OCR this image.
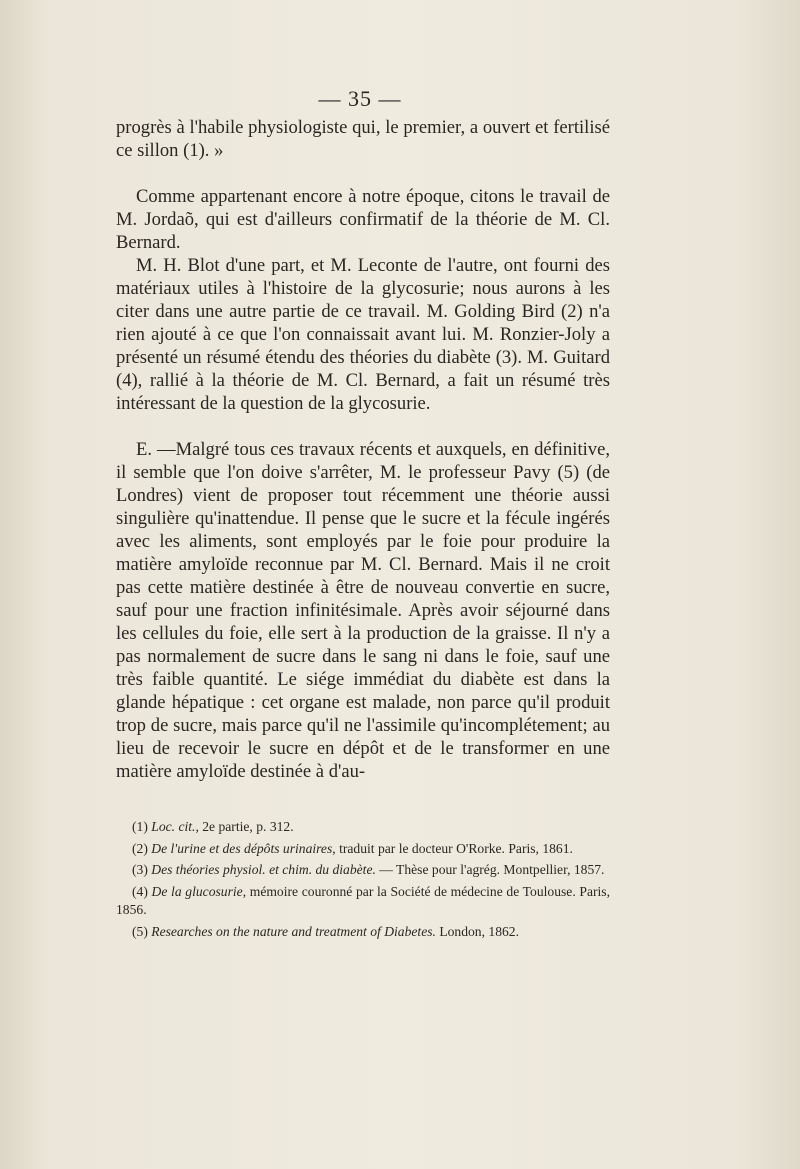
— 35 —

progrès à l'habile physiologiste qui, le premier, a ouvert et fertilisé ce sillon (1). »

Comme appartenant encore à notre époque, citons le travail de M. Jordaõ, qui est d'ailleurs confirmatif de la théorie de M. Cl. Bernard.

M. H. Blot d'une part, et M. Leconte de l'autre, ont fourni des matériaux utiles à l'histoire de la glycosurie; nous aurons à les citer dans une autre partie de ce travail. M. Golding Bird (2) n'a rien ajouté à ce que l'on connaissait avant lui. M. Ronzier-Joly a présenté un résumé étendu des théories du diabète (3). M. Guitard (4), rallié à la théorie de M. Cl. Bernard, a fait un résumé très intéressant de la question de la glycosurie.

E. —Malgré tous ces travaux récents et auxquels, en définitive, il semble que l'on doive s'arrêter, M. le professeur Pavy (5) (de Londres) vient de proposer tout récemment une théorie aussi singulière qu'inattendue. Il pense que le sucre et la fécule ingérés avec les aliments, sont employés par le foie pour produire la matière amyloïde reconnue par M. Cl. Bernard. Mais il ne croit pas cette matière destinée à être de nouveau convertie en sucre, sauf pour une fraction infinitésimale. Après avoir séjourné dans les cellules du foie, elle sert à la production de la graisse. Il n'y a pas normalement de sucre dans le sang ni dans le foie, sauf une très faible quantité. Le siége immédiat du diabète est dans la glande hépatique : cet organe est malade, non parce qu'il produit trop de sucre, mais parce qu'il ne l'assimile qu'incomplétement; au lieu de recevoir le sucre en dépôt et de le transformer en une matière amyloïde destinée à d'au-

(1) Loc. cit., 2e partie, p. 312.

(2) De l'urine et des dépôts urinaires, traduit par le docteur O'Rorke. Paris, 1861.

(3) Des théories physiol. et chim. du diabète. — Thèse pour l'agrég. Montpellier, 1857.

(4) De la glucosurie, mémoire couronné par la Société de médecine de Toulouse. Paris, 1856.

(5) Researches on the nature and treatment of Diabetes. London, 1862.
